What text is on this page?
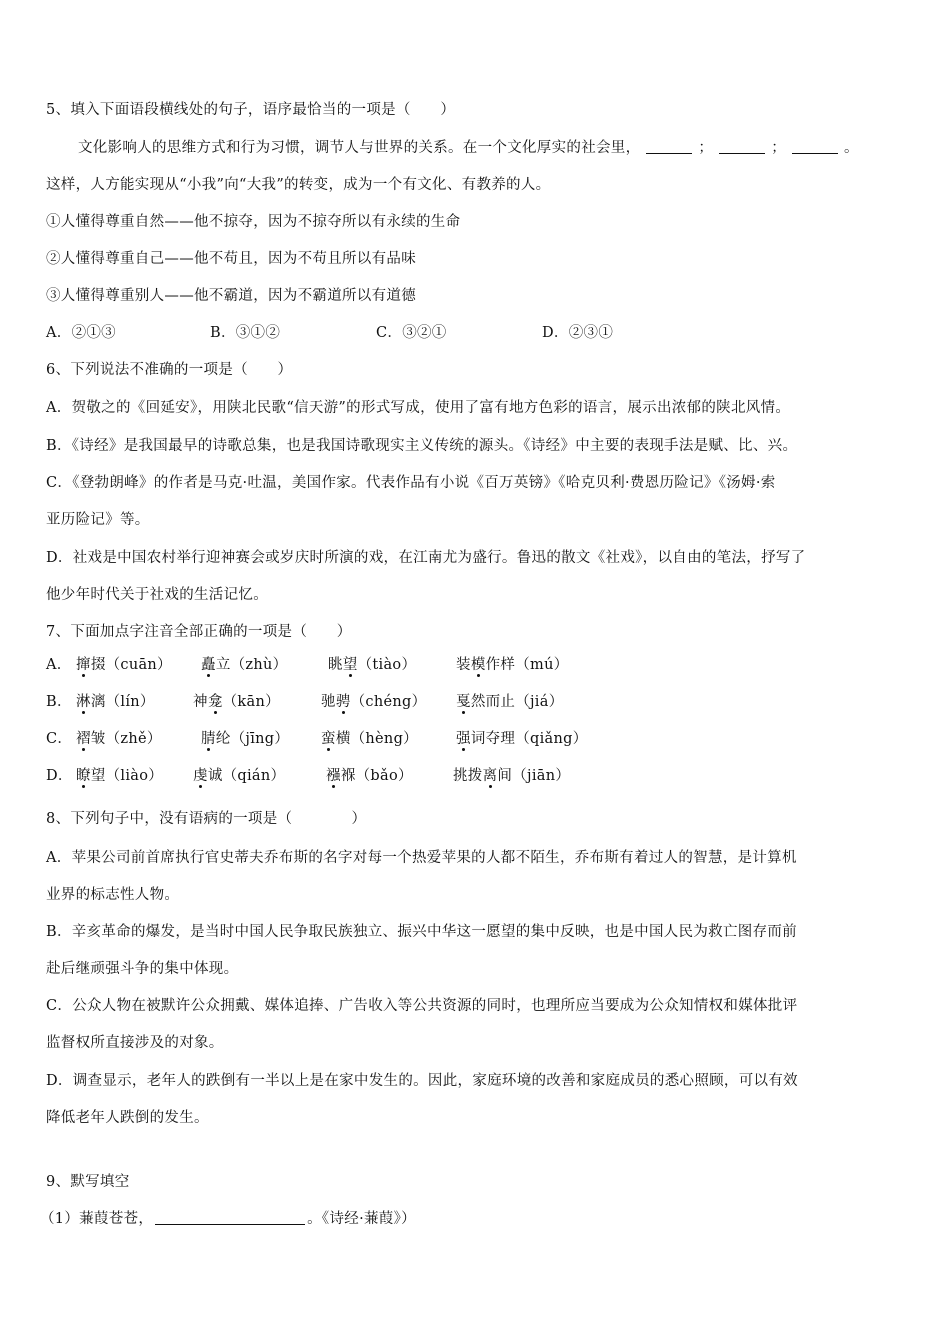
5、填入下面语段横线处的句子，语序最恰当的一项是（　　）
文化影响人的思维方式和行为习惯，调节人与世界的关系。在一个文化厚实的社会里，	；	；	。
这样，人方能实现从“小我”向“大我”的转变，成为一个有文化、有教养的人。
①人懂得尊重自然——他不掠夺，因为不掠夺所以有永续的生命
②人懂得尊重自己——他不苟且，因为不苟且所以有品味
③人懂得尊重别人——他不霸道，因为不霸道所以有道德
A．②①③	B．③①②	C．③②①	D．②③①
6、下列说法不准确的一项是（　　）
A．贺敬之的《回延安》，用陕北民歌“信天游”的形式写成，使用了富有地方色彩的语言，展示出浓郁的陕北风情。
B．《诗经》是我国最早的诗歌总集，也是我国诗歌现实主义传统的源头。《诗经》中主要的表现手法是赋、比、兴。
C．《登勃朗峰》的作者是马克·吐温，美国作家。代表作品有小说《百万英镑》《哈克贝利·费恩历险记》《汤姆·索
亚历险记》等。
D．社戏是中国农村举行迎神赛会或岁庆时所演的戏，在江南尤为盛行。鲁迅的散文《社戏》，以自由的笔法，抒写了
他少年时代关于社戏的生活记忆。
7、下面加点字注音全部正确的一项是（　　）
A． 撺掇（cuān） 矗立（zhù）	眺望（tiào）	装模作样（mú）
B． 淋漓（lín）	神龛（kān）	驰骋（chéng） 戛然而止（jiá）
C． 褶皱（zhě）	腈纶（jīng） 蛮横（hèng）	强词夺理（qiǎng）
D． 瞭望（liào） 虔诚（qián）	襁褓（bǎo）	挑拨离间（jiān）
8、下列句子中，没有语病的一项是（　　　　）
A．苹果公司前首席执行官史蒂夫乔布斯的名字对每一个热爱苹果的人都不陌生，乔布斯有着过人的智慧，是计算机
业界的标志性人物。
B．辛亥革命的爆发，是当时中国人民争取民族独立、振兴中华这一愿望的集中反映，也是中国人民为救亡图存而前
赴后继顽强斗争的集中体现。
C．公众人物在被默许公众拥戴、媒体追捧、广告收入等公共资源的同时，也理所应当要成为公众知情权和媒体批评
监督权所直接涉及的对象。
D．调查显示，老年人的跌倒有一半以上是在家中发生的。因此，家庭环境的改善和家庭成员的悉心照顾，可以有效
降低老年人跌倒的发生。
9、默写填空
（1）蒹葭苍苍，	。《诗经·蒹葭》）
